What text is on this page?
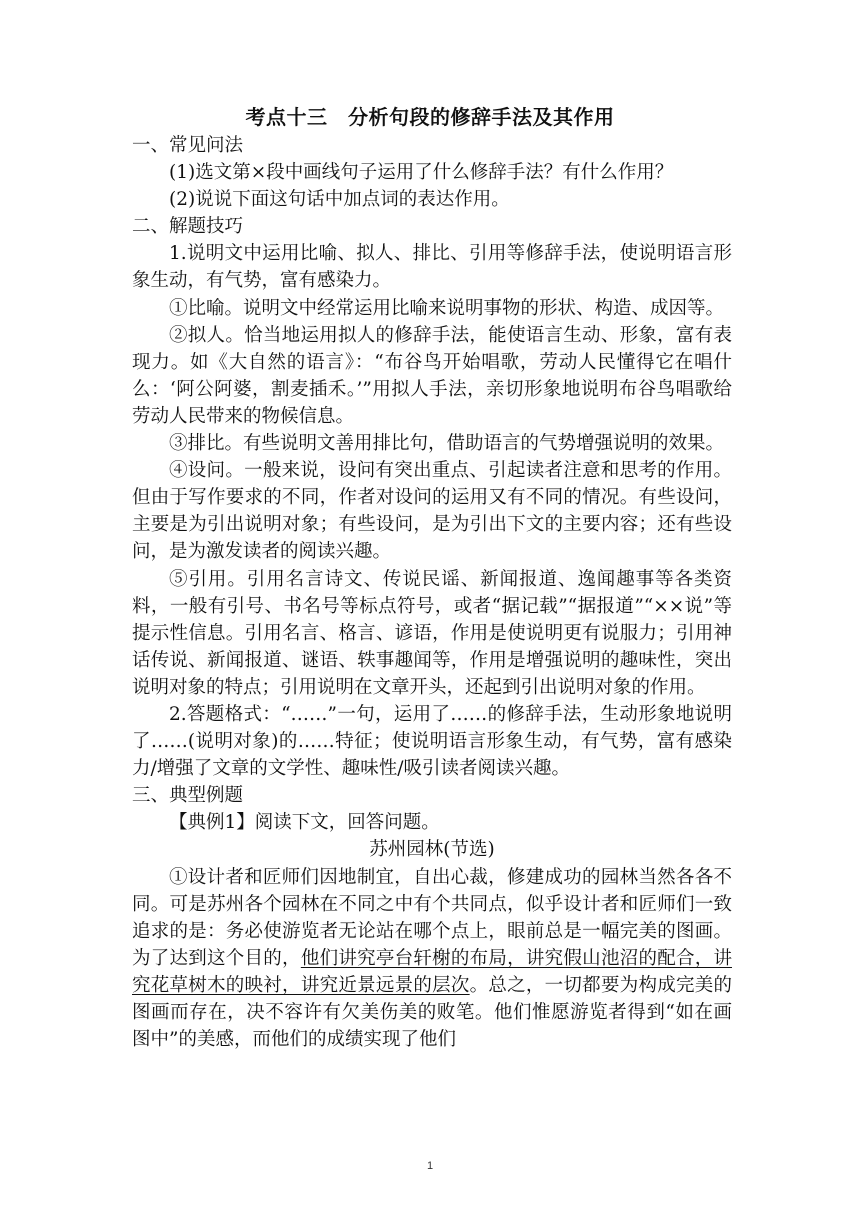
考点十三　分析句段的修辞手法及其作用

一、常见问法

(1)选文第×段中画线句子运用了什么修辞手法？有什么作用？

(2)说说下面这句话中加点词的表达作用。

二、解题技巧

1.说明文中运用比喻、拟人、排比、引用等修辞手法，使说明语言形象生动，有气势，富有感染力。

①比喻。说明文中经常运用比喻来说明事物的形状、构造、成因等。

②拟人。恰当地运用拟人的修辞手法，能使语言生动、形象，富有表现力。如《大自然的语言》：“布谷鸟开始唱歌，劳动人民懂得它在唱什么：‘阿公阿婆，割麦插禾。’”用拟人手法，亲切形象地说明布谷鸟唱歌给劳动人民带来的物候信息。

③排比。有些说明文善用排比句，借助语言的气势增强说明的效果。

④设问。一般来说，设问有突出重点、引起读者注意和思考的作用。但由于写作要求的不同，作者对设问的运用又有不同的情况。有些设问，主要是为引出说明对象；有些设问，是为引出下文的主要内容；还有些设问，是为激发读者的阅读兴趣。

⑤引用。引用名言诗文、传说民谣、新闻报道、逸闻趣事等各类资料，一般有引号、书名号等标点符号，或者“据记载”“据报道”“××说”等提示性信息。引用名言、格言、谚语，作用是使说明更有说服力；引用神话传说、新闻报道、谜语、轶事趣闻等，作用是增强说明的趣味性，突出说明对象的特点；引用说明在文章开头，还起到引出说明对象的作用。

2.答题格式：“……”一句，运用了……的修辞手法，生动形象地说明了……(说明对象)的……特征；使说明语言形象生动，有气势，富有感染力/增强了文章的文学性、趣味性/吸引读者阅读兴趣。

三、典型例题

【典例1】阅读下文，回答问题。

苏州园林(节选)

①设计者和匠师们因地制宜，自出心裁，修建成功的园林当然各各不同。可是苏州各个园林在不同之中有个共同点，似乎设计者和匠师们一致追求的是：务必使游览者无论站在哪个点上，眼前总是一幅完美的图画。为了达到这个目的，他们讲究亭台轩榭的布局，讲究假山池沼的配合，讲究花草树木的映衬，讲究近景远景的层次。总之，一切都要为构成完美的图画而存在，决不容许有欠美伤美的败笔。他们惟愿游览者得到“如在画图中”的美感，而他们的成绩实现了他们

1
